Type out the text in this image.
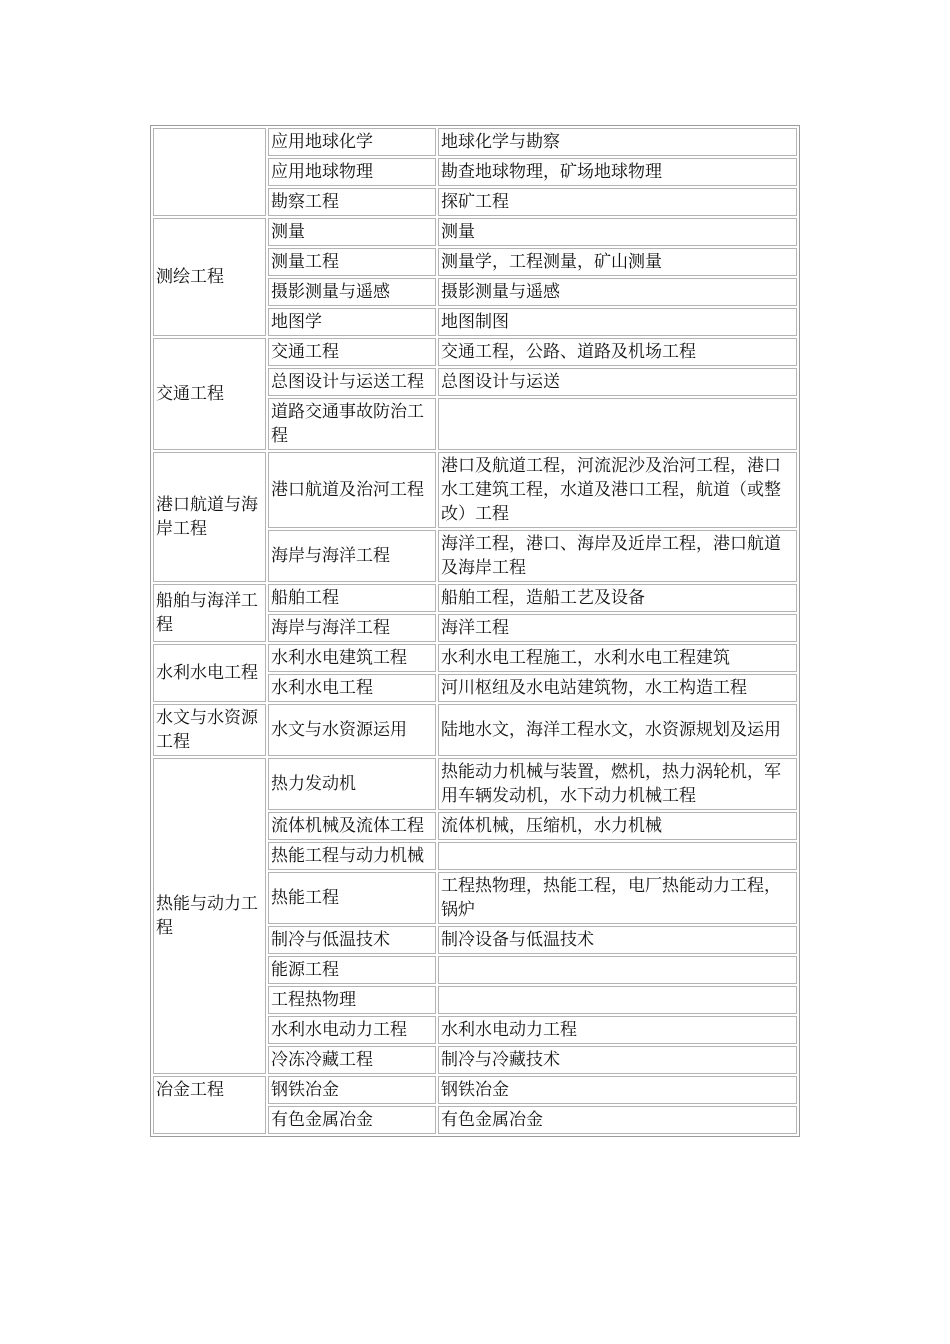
	应用地球化学	地球化学与勘察
	应用地球物理	勘查地球物理，矿场地球物理
	勘察工程	探矿工程
测绘工程	测量	测量
	测量工程	测量学，工程测量，矿山测量
	摄影测量与遥感	摄影测量与遥感
	地图学	地图制图
交通工程	交通工程	交通工程，公路、道路及机场工程
	总图设计与运送工程	总图设计与运送
	道路交通事故防治工程	
港口航道与海岸工程	港口航道及治河工程	港口及航道工程，河流泥沙及治河工程，港口水工建筑工程，水道及港口工程，航道（或整改）工程
	海岸与海洋工程	海洋工程，港口、海岸及近岸工程，港口航道及海岸工程
船舶与海洋工程	船舶工程	船舶工程，造船工艺及设备
	海岸与海洋工程	海洋工程
水利水电工程	水利水电建筑工程	水利水电工程施工，水利水电工程建筑
	水利水电工程	河川枢纽及水电站建筑物，水工构造工程
水文与水资源工程	水文与水资源运用	陆地水文，海洋工程水文，水资源规划及运用
热能与动力工程	热力发动机	热能动力机械与装置，燃机，热力涡轮机，军用车辆发动机，水下动力机械工程
	流体机械及流体工程	流体机械，压缩机，水力机械
	热能工程与动力机械	
	热能工程	工程热物理，热能工程，电厂热能动力工程，锅炉
	制冷与低温技术	制冷设备与低温技术
	能源工程	
	工程热物理	
	水利水电动力工程	水利水电动力工程
	冷冻冷藏工程	制冷与冷藏技术
冶金工程	钢铁冶金	钢铁冶金
	有色金属冶金	有色金属冶金
